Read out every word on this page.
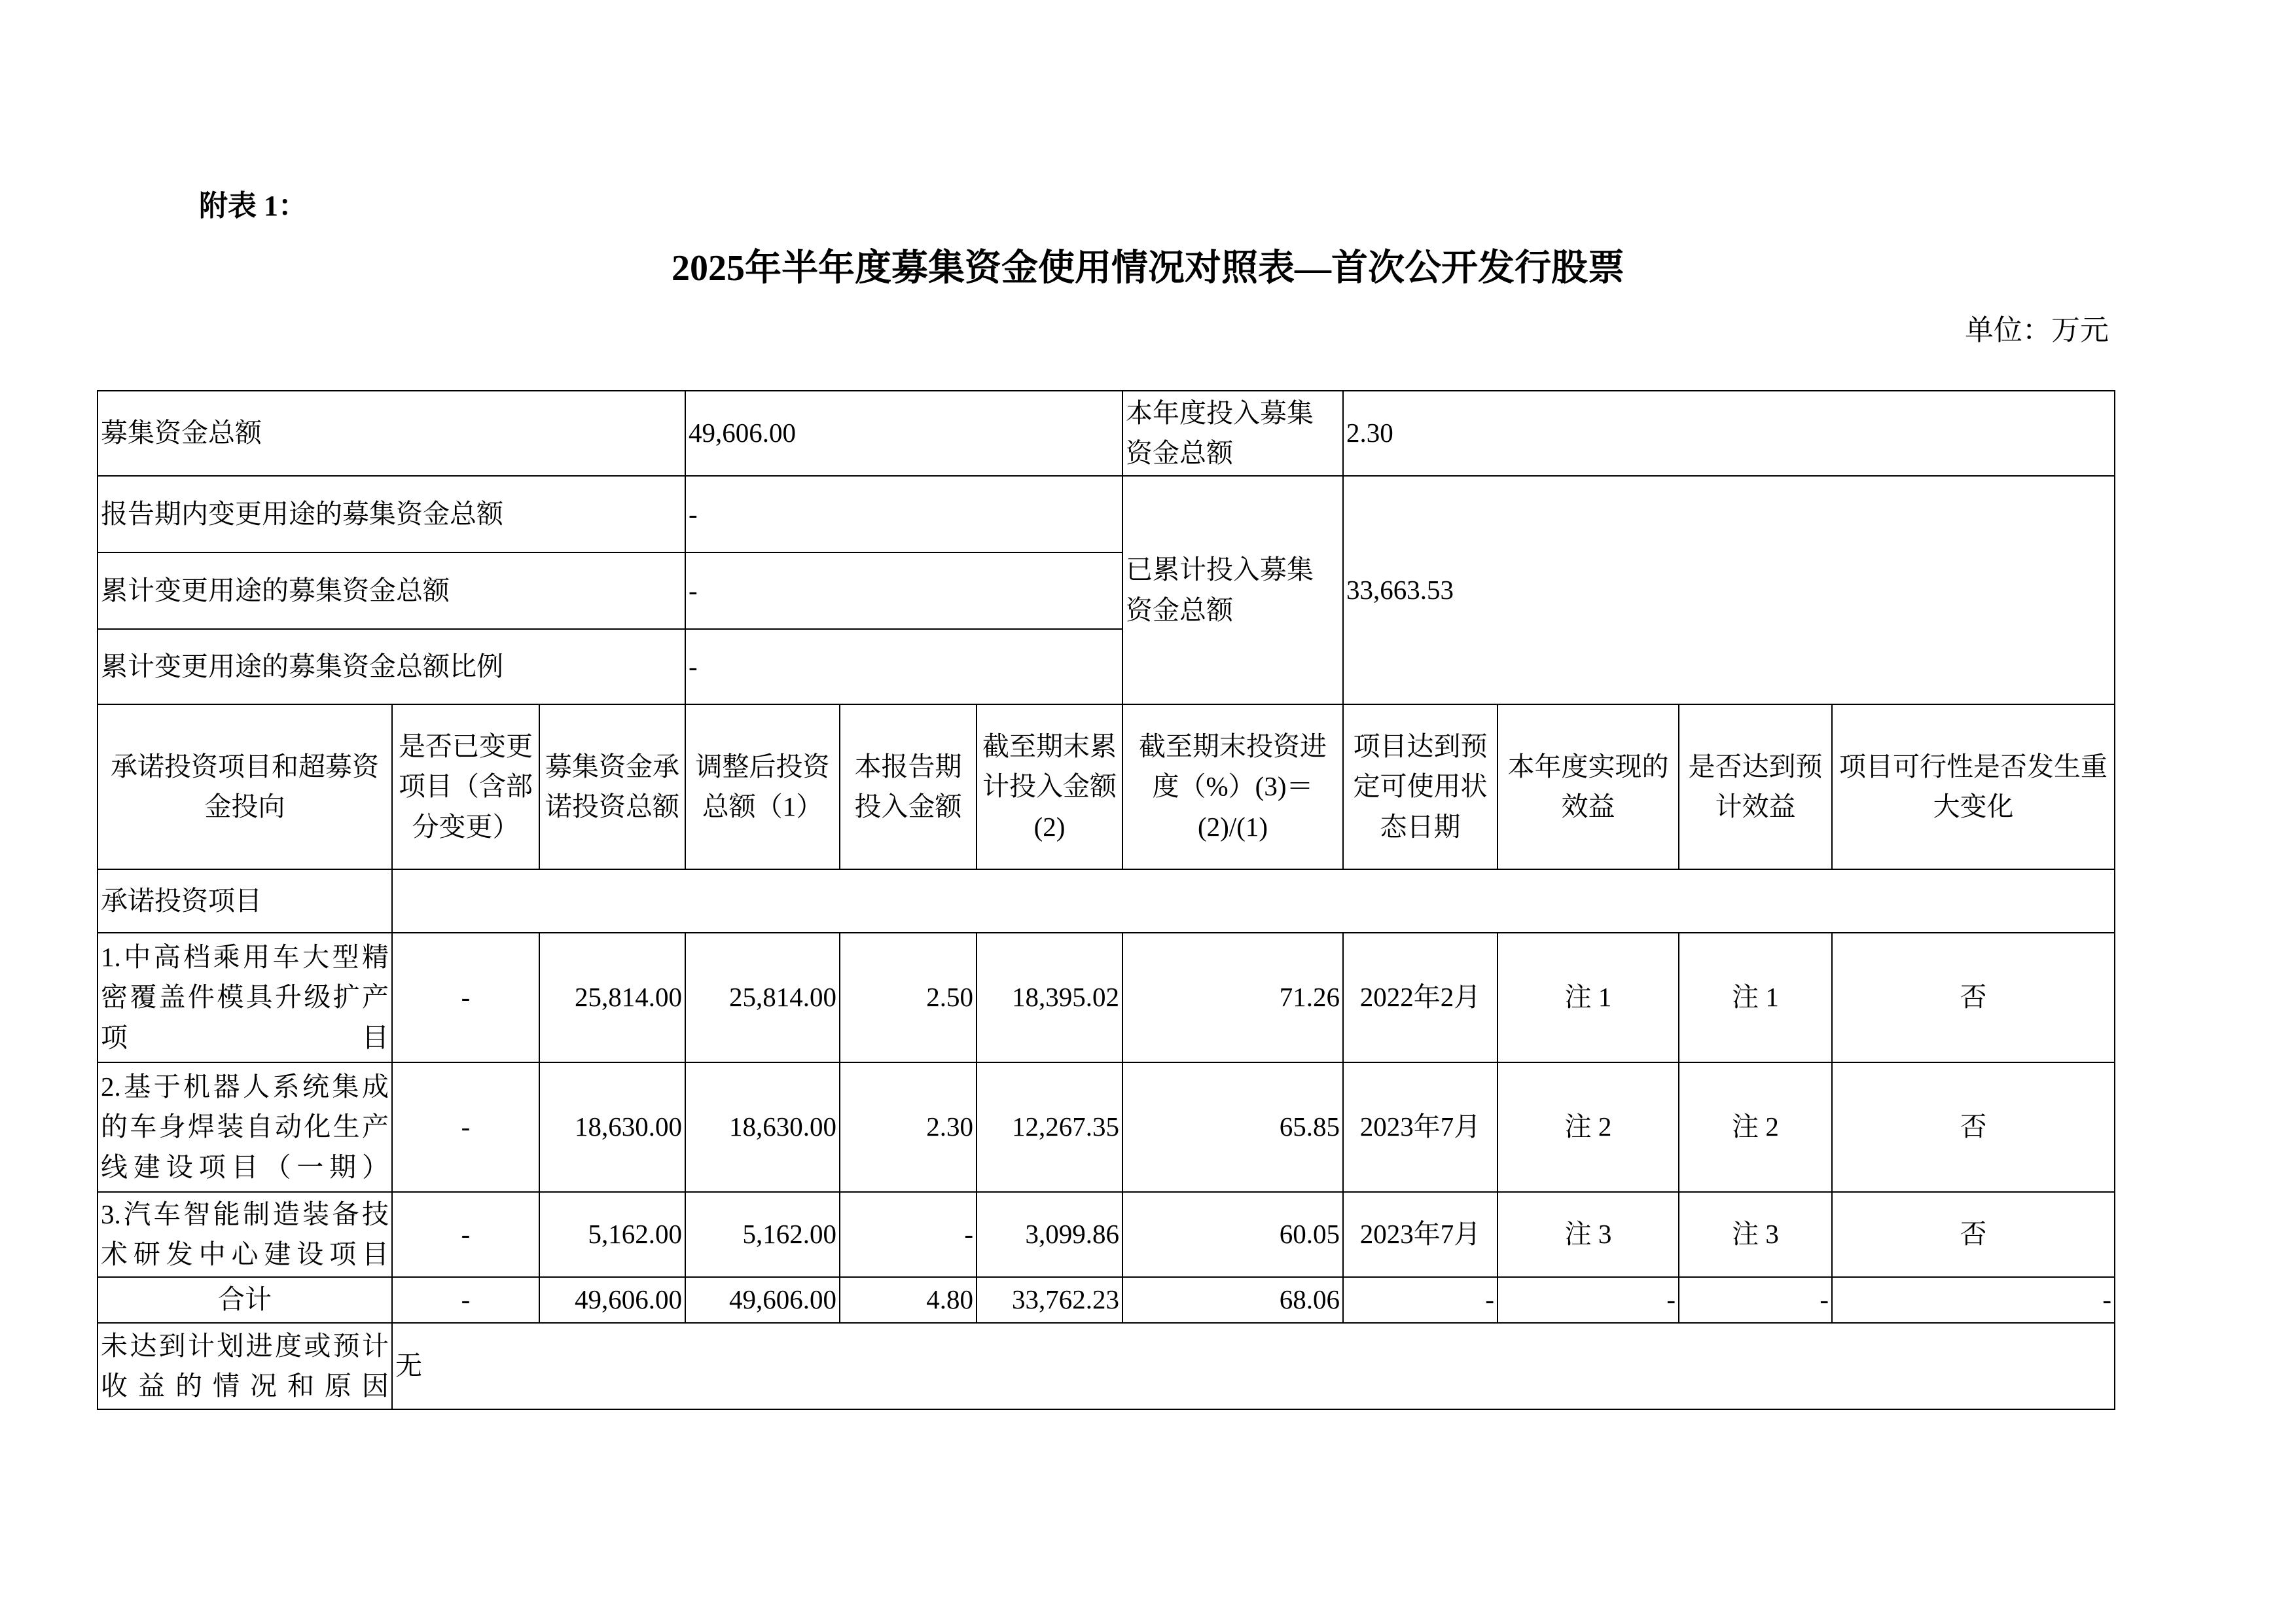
附表 1：
2025年半年度募集资金使用情况对照表—首次公开发行股票
单位：万元
募集资金总额			49,606.00			本年度投入募集资金总额	2.30			
报告期内变更用途的募集资金总额			-			已累计投入募集资金总额	33,663.53			
累计变更用途的募集资金总额			-							
累计变更用途的募集资金总额比例			-							
承诺投资项目和超募资金投向	是否已变更项目（含部分变更）	募集资金承诺投资总额	调整后投资总额（1）	本报告期投入金额	截至期末累计投入金额(2)	截至期末投资进度（%）(3)＝(2)/(1)	项目达到预定可使用状态日期	本年度实现的效益	是否达到预计效益	项目可行性是否发生重大变化
承诺投资项目										
1.中高档乘用车大型精密覆盖件模具升级扩产项目	-	25,814.00	25,814.00	2.50	18,395.02	71.26	2022年2月	注 1	注 1	否
2.基于机器人系统集成的车身焊装自动化生产线建设项目（一期）	-	18,630.00	18,630.00	2.30	12,267.35	65.85	2023年7月	注 2	注 2	否
3.汽车智能制造装备技术研发中心建设项目	-	5,162.00	5,162.00	-	3,099.86	60.05	2023年7月	注 3	注 3	否
合计	-	49,606.00	49,606.00	4.80	33,762.23	68.06	-	-	-	-
未达到计划进度或预计收益的情况和原因	无									
